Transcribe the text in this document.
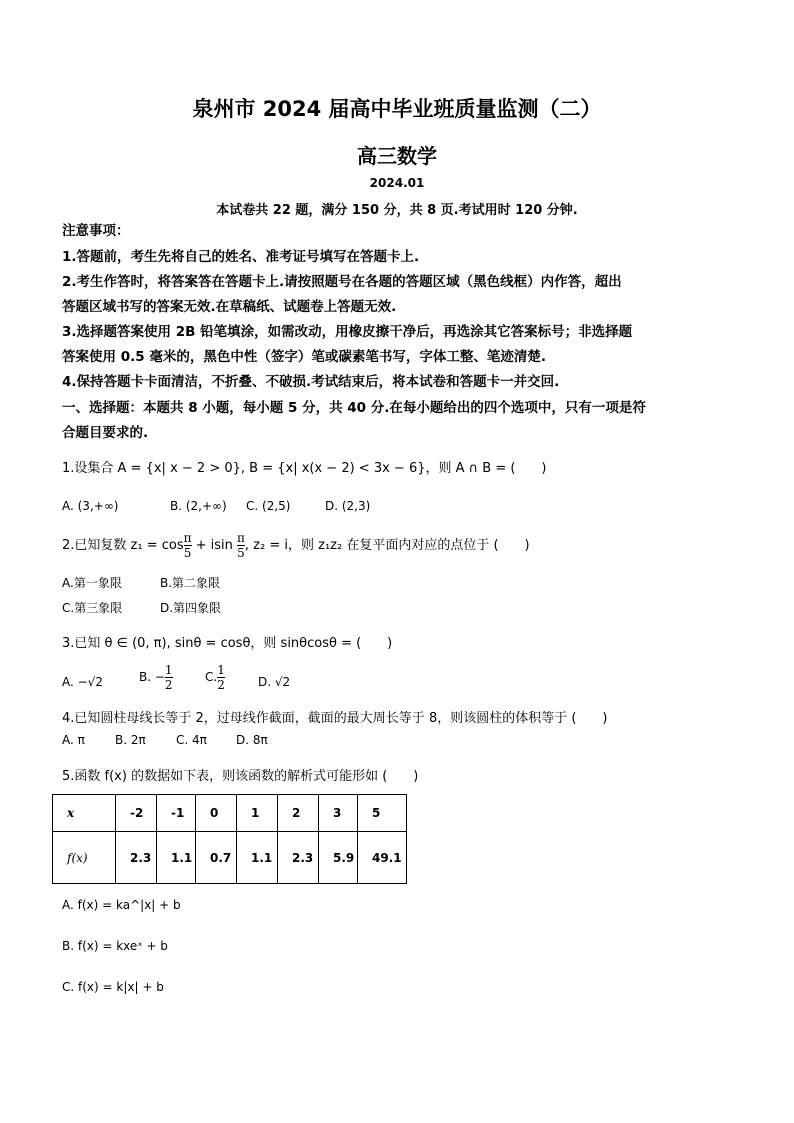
泉州市 2024 届高中毕业班质量监测（二）
高三数学
2024.01
本试卷共 22 题，满分 150 分，共 8 页.考试用时 120 分钟.
注意事项：
1.答题前，考生先将自己的姓名、准考证号填写在答题卡上.
2.考生作答时，将答案答在答题卡上.请按照题号在各题的答题区域（黑色线框）内作答，超出
答题区域书写的答案无效.在草稿纸、试题卷上答题无效.
3.选择题答案使用 2B 铅笔填涂，如需改动，用橡皮擦干净后，再选涂其它答案标号；非选择题
答案使用 0.5 毫米的，黑色中性（签字）笔或碳素笔书写，字体工整、笔迹清楚.
4.保持答题卡卡面清洁，不折叠、不破损.考试结束后，将本试卷和答题卡一并交回.
一、选择题：本题共 8 小题，每小题 5 分，共 40 分.在每小题给出的四个选项中，只有一项是符
合题目要求的.
1.设集合 A = {x| x − 2 > 0}, B = {x| x(x − 2) < 3x − 6}，则 A ∩ B = (　　)
A. (3,+∞)	B. (2,+∞) C. (2,5)	D. (2,3)
2.已知复数 $z_1 = \cos \frac{\pi}{5} + isin \frac{\pi}{5}$ , z₂ = i，则 z₁z₂ 在复平面内对应的点位于 (　　)
A.第一象限	B.第二象限
C.第三象限	D.第四象限
3.已知 θ ∈ (0, π), sinθ = cosθ，则 sinθcosθ = (　　)
A. −√2	B. − $\frac{1}{2}$	C. $\frac{1}{2}$	D. √2
4.已知圆柱母线长等于 2，过母线作截面，截面的最大周长等于 8，则该圆柱的体积等于 (　　)
A. π	B. 2π	C. 4π D. 8π
5.函数 f(x) 的数据如下表，则该函数的解析式可能形如 (　　)
x	-2	-1	0	1	2	3	5
f(x)	2.3	1.1	0.7	1.1	2.3	5.9	49.1
A. f(x) = ka^|x| + b
B. f(x) = kxeˣ + b
C. f(x) = k|x| + b
